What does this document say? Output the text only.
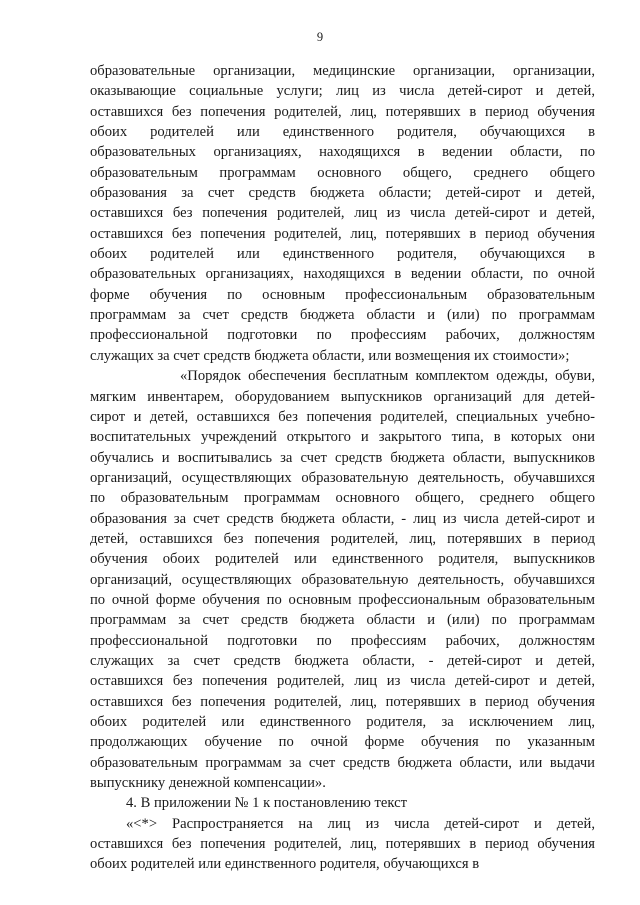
9
образовательные организации, медицинские организации, организации,
оказывающие социальные услуги; лиц из числа детей-сирот и детей,
оставшихся без попечения родителей, лиц, потерявших в период обучения
обоих родителей или единственного родителя, обучающихся в
образовательных организациях, находящихся в ведении области, по
образовательным программам основного общего, среднего общего
образования за счет средств бюджета области; детей-сирот и детей,
оставшихся без попечения родителей, лиц из числа детей-сирот и детей,
оставшихся без попечения родителей, лиц, потерявших в период обучения
обоих родителей или единственного родителя, обучающихся в
образовательных организациях, находящихся в ведении области, по очной
форме обучения по основным профессиональным образовательным
программам за счет средств бюджета области и (или) по программам
профессиональной подготовки по профессиям рабочих, должностям
служащих за счет средств бюджета области, или возмещения их стоимости»;
«Порядок обеспечения бесплатным комплектом одежды, обуви,
мягким инвентарем, оборудованием выпускников организаций для детей-
сирот и детей, оставшихся без попечения родителей, специальных учебно-
воспитательных учреждений открытого и закрытого типа, в которых они
обучались и воспитывались за счет средств бюджета области, выпускников
организаций, осуществляющих образовательную деятельность, обучавшихся
по образовательным программам основного общего, среднего общего
образования за счет средств бюджета области, - лиц из числа детей-сирот и
детей, оставшихся без попечения родителей, лиц, потерявших в период
обучения обоих родителей или единственного родителя, выпускников
организаций, осуществляющих образовательную деятельность, обучавшихся
по очной форме обучения по основным профессиональным образовательным
программам за счет средств бюджета области и (или) по программам
профессиональной подготовки по профессиям рабочих, должностям
служащих за счет средств бюджета области, - детей-сирот и детей,
оставшихся без попечения родителей, лиц из числа детей-сирот и детей,
оставшихся без попечения родителей, лиц, потерявших в период обучения
обоих родителей или единственного родителя, за исключением лиц,
продолжающих обучение по очной форме обучения по указанным
образовательным программам за счет средств бюджета области, или выдачи
выпускнику денежной компенсации».
4. В приложении № 1 к постановлению текст
«<*> Распространяется на лиц из числа детей-сирот и детей,
оставшихся без попечения родителей, лиц, потерявших в период обучения
обоих родителей или единственного родителя, обучающихся в
